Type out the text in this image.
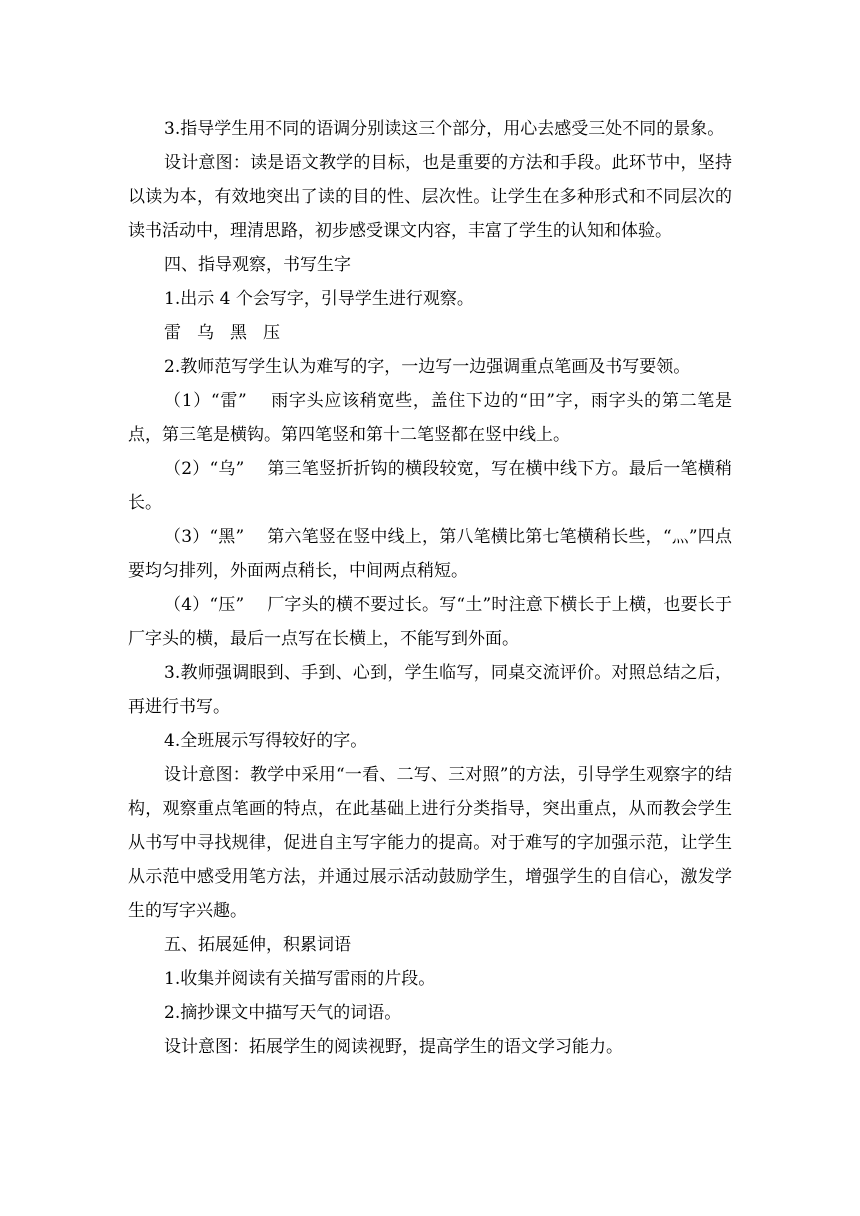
3.指导学生用不同的语调分别读这三个部分，用心去感受三处不同的景象。

设计意图：读是语文教学的目标，也是重要的方法和手段。此环节中，坚持以读为本，有效地突出了读的目的性、层次性。让学生在多种形式和不同层次的读书活动中，理清思路，初步感受课文内容，丰富了学生的认知和体验。

四、指导观察，书写生字

1.出示 4 个会写字，引导学生进行观察。

雷 乌 黑 压

2.教师范写学生认为难写的字，一边写一边强调重点笔画及书写要领。

（1）“雷”　 雨字头应该稍宽些，盖住下边的“田”字，雨字头的第二笔是点，第三笔是横钩。第四笔竖和第十二笔竖都在竖中线上。

（2）“乌”　 第三笔竖折折钩的横段较宽，写在横中线下方。最后一笔横稍长。

（3）“黑”　 第六笔竖在竖中线上，第八笔横比第七笔横稍长些，“灬”四点要均匀排列，外面两点稍长，中间两点稍短。

（4）“压”　 厂字头的横不要过长。写“土”时注意下横长于上横，也要长于厂字头的横，最后一点写在长横上，不能写到外面。

3.教师强调眼到、手到、心到，学生临写，同桌交流评价。对照总结之后，再进行书写。

4.全班展示写得较好的字。

设计意图：教学中采用“一看、二写、三对照”的方法，引导学生观察字的结构，观察重点笔画的特点，在此基础上进行分类指导，突出重点，从而教会学生从书写中寻找规律，促进自主写字能力的提高。对于难写的字加强示范，让学生从示范中感受用笔方法，并通过展示活动鼓励学生，增强学生的自信心，激发学生的写字兴趣。

五、拓展延伸，积累词语

1.收集并阅读有关描写雷雨的片段。

2.摘抄课文中描写天气的词语。

设计意图：拓展学生的阅读视野，提高学生的语文学习能力。
